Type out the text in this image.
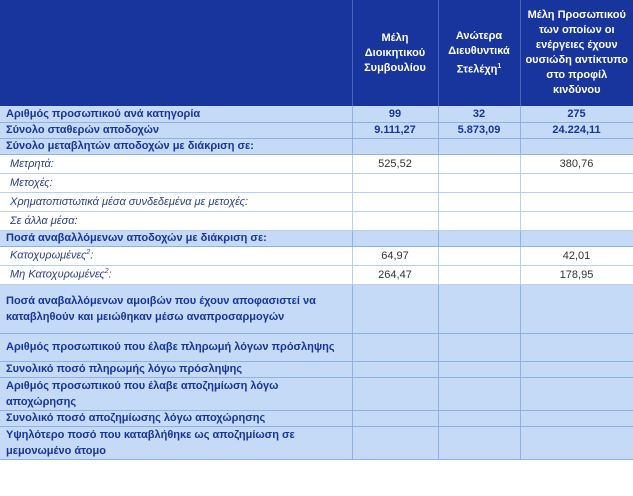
	Μέλη Διοικητικού Συμβουλίου	Ανώτερα Διευθυντικά Στελέχη$^1$	Μέλη Προσωπικού των οποίων οι ενέργειες έχουν ουσιώδη αντίκτυπο στο προφίλ κινδύνου
Αριθμός προσωπικού ανά κατηγορία	99	32	275
Σύνολο σταθερών αποδοχών	9.111,27	5.873,09	24.224,11
Σύνολο μεταβλητών αποδοχών με διάκριση σε:			
Μετρητά:	525,52		380,76
Μετοχές:			
Χρηματοπιστωτικά μέσα συνδεδεμένα με μετοχές:			
Σε άλλα μέσα:			
Ποσά αναβαλλόμενων αποδοχών με διάκριση σε:			
Κατοχυρωμένες$^2$:	64,97		42,01
Μη Κατοχυρωμένες$^2$:	264,47		178,95
Ποσά αναβαλλόμενων αμοιβών που έχουν αποφασιστεί να καταβληθούν και μειώθηκαν μέσω αναπροσαρμογών			
Αριθμός προσωπικού που έλαβε πληρωμή λόγων πρόσληψης			
Συνολικό ποσό πληρωμής λόγω πρόσληψης			
Αριθμός προσωπικού που έλαβε αποζημίωση λόγω αποχώρησης			
Συνολικό ποσό αποζημίωσης λόγω αποχώρησης			
Υψηλότερο ποσό που καταβλήθηκε ως αποζημίωση σε μεμονωμένο άτομο			
